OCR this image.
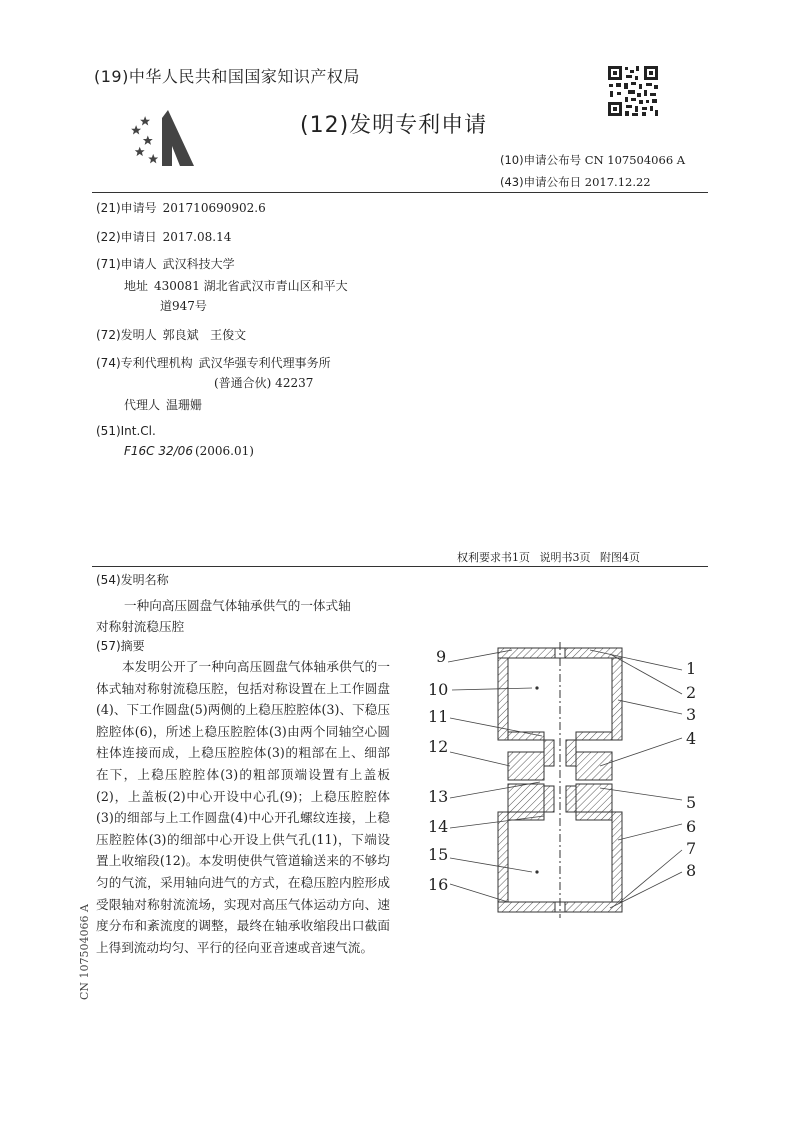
(19)中华人民共和国国家知识产权局
(12)发明专利申请
(10)申请公布号 CN 107504066 A
(43)申请公布日 2017.12.22
(21)申请号 201710690902.6
(22)申请日 2017.08.14
(71)申请人 武汉科技大学
地址 430081 湖北省武汉市青山区和平大
道947号
(72)发明人 郭良斌   王俊文
(74)专利代理机构 武汉华强专利代理事务所
(普通合伙) 42237
代理人 温珊姗
(51)Int.Cl.
F16C 32/06 (2006.01)
权利要求书1页 说明书3页 附图4页
(54)发明名称
一种向高压圆盘气体轴承供气的一体式轴
对称射流稳压腔
(57)摘要
本发明公开了一种向高压圆盘气体轴承供气的一体式轴对称射流稳压腔，包括对称设置在上工作圆盘(4)、下工作圆盘(5)两侧的上稳压腔腔体(3)、下稳压腔腔体(6)，所述上稳压腔腔体(3)由两个同轴空心圆柱体连接而成，上稳压腔腔体(3)的粗部在上、细部在下，上稳压腔腔体(3)的粗部顶端设置有上盖板(2)，上盖板(2)中心开设中心孔(9)；上稳压腔腔体(3)的细部与上工作圆盘(4)中心开孔螺纹连接，上稳压腔腔体(3)的细部中心开设上供气孔(11)，下端设置上收缩段(12)。本发明使供气管道输送来的不够均匀的气流，采用轴向进气的方式，在稳压腔内腔形成受限轴对称射流流场，实现对高压气体运动方向、速度分布和紊流度的调整，最终在轴承收缩段出口截面上得到流动均匀、平行的径向亚音速或音速气流。
CN 107504066 A
9
10
11
12
13
14
15
16
1
2
3
4
5
6
7
8
